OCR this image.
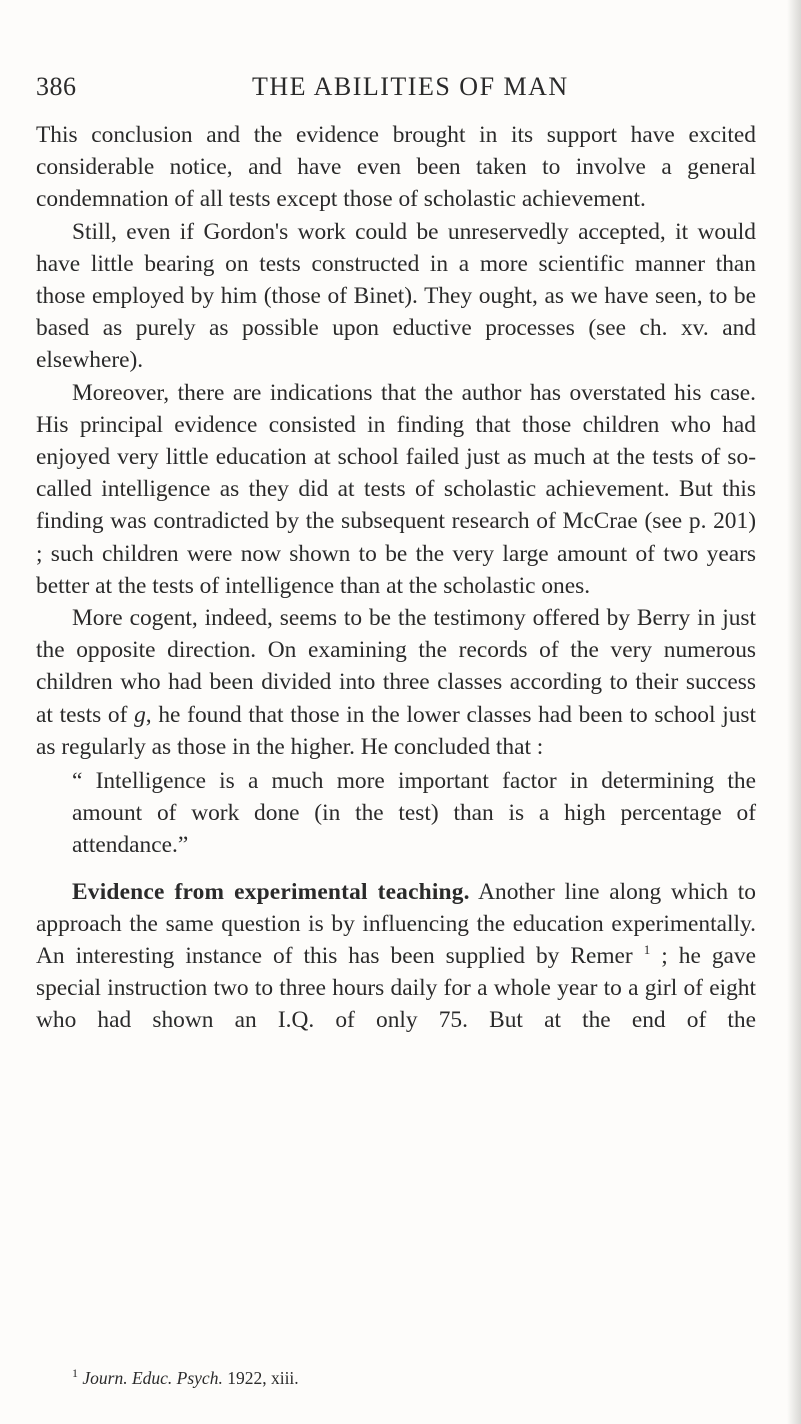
386	THE ABILITIES OF MAN

This conclusion and the evidence brought in its support have excited considerable notice, and have even been taken to involve a general condemnation of all tests except those of scholastic achievement.

Still, even if Gordon's work could be unreservedly accepted, it would have little bearing on tests constructed in a more scientific manner than those employed by him (those of Binet). They ought, as we have seen, to be based as purely as possible upon eductive processes (see ch. xv. and elsewhere).

Moreover, there are indications that the author has overstated his case. His principal evidence consisted in finding that those children who had enjoyed very little education at school failed just as much at the tests of so-called intelligence as they did at tests of scholastic achievement. But this finding was contradicted by the subsequent research of McCrae (see p. 201) ; such children were now shown to be the very large amount of two years better at the tests of intelligence than at the scholastic ones.

More cogent, indeed, seems to be the testimony offered by Berry in just the opposite direction. On examining the records of the very numerous children who had been divided into three classes according to their success at tests of g, he found that those in the lower classes had been to school just as regularly as those in the higher. He concluded that :

“ Intelligence is a much more important factor in determining the amount of work done (in the test) than is a high percentage of attendance.”

Evidence from experimental teaching. Another line along which to approach the same question is by influencing the education experimentally. An interesting instance of this has been supplied by Remer $^1$ ; he gave special instruction two to three hours daily for a whole year to a girl of eight who had shown an I.Q. of only 75. But at the end of the

$^1$ Journ. Educ. Psych. 1922, xiii.
